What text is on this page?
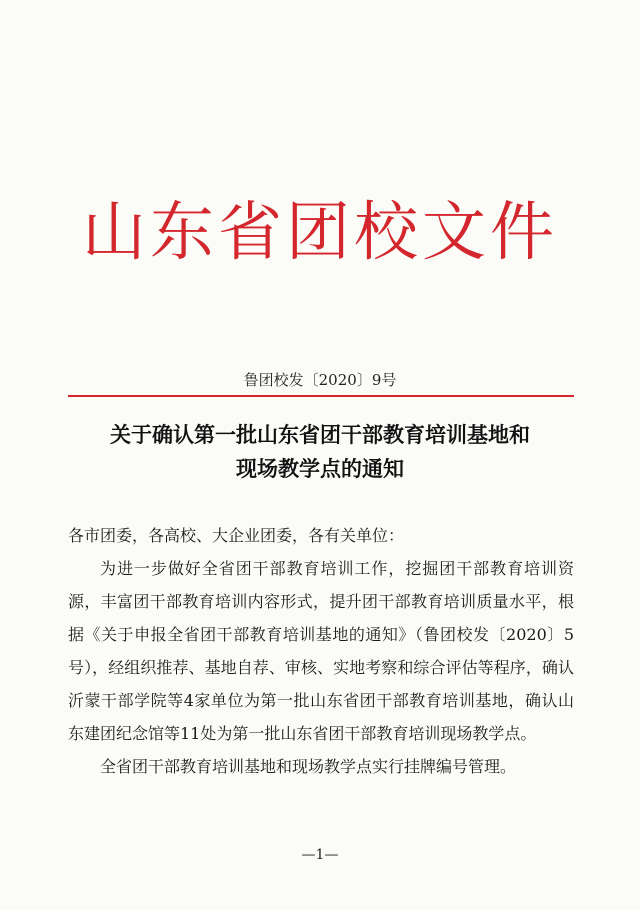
山东省团校文件
鲁团校发〔2020〕9号
关于确认第一批山东省团干部教育培训基地和
现场教学点的通知

各市团委，各高校、大企业团委，各有关单位：

为进一步做好全省团干部教育培训工作，挖掘团干部教育培训资源，丰富团干部教育培训内容形式，提升团干部教育培训质量水平，根据《关于申报全省团干部教育培训基地的通知》（鲁团校发〔2020〕5号），经组织推荐、基地自荐、审核、实地考察和综合评估等程序，确认沂蒙干部学院等4家单位为第一批山东省团干部教育培训基地，确认山东建团纪念馆等11处为第一批山东省团干部教育培训现场教学点。

全省团干部教育培训基地和现场教学点实行挂牌编号管理。

—1—
